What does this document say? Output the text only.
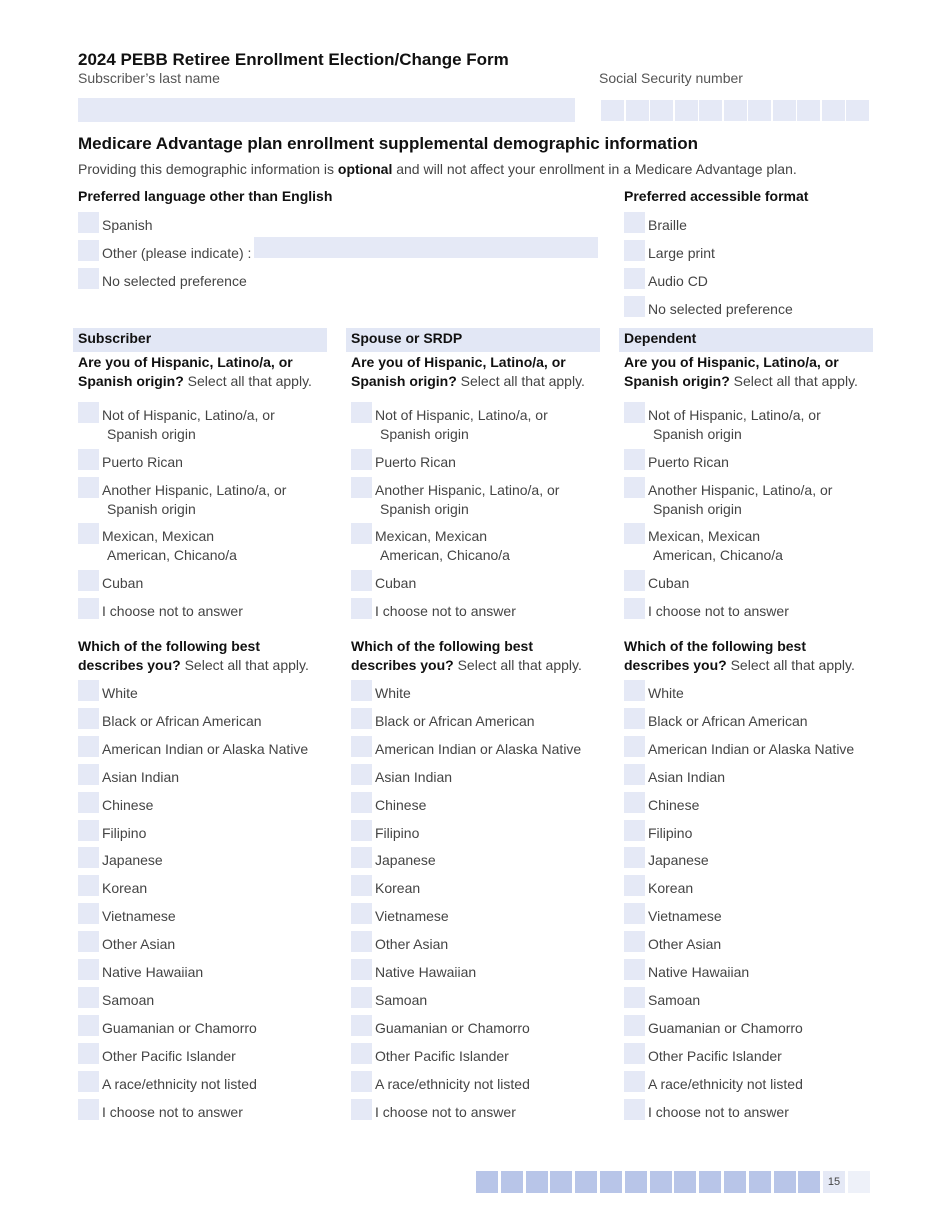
2024 PEBB Retiree Enrollment Election/Change Form
Subscriber’s last name	Social Security number
Medicare Advantage plan enrollment supplemental demographic information
Providing this demographic information is optional and will not affect your enrollment in a Medicare Advantage plan.
Preferred language other than English
Spanish
Other (please indicate) :
No selected preference
Preferred accessible format
Braille
Large print
Audio CD
No selected preference
Subscriber
Are you of Hispanic, Latino/a, or Spanish origin? Select all that apply.
Not of Hispanic, Latino/a, or
Spanish origin
Puerto Rican
Another Hispanic, Latino/a, or
Spanish origin
Mexican, Mexican
American, Chicano/a
Cuban
I choose not to answer
Which of the following best describes you? Select all that apply.
White
Black or African American
American Indian or Alaska Native
Asian Indian
Chinese
Filipino
Japanese
Korean
Vietnamese
Other Asian
Native Hawaiian
Samoan
Guamanian or Chamorro
Other Pacific Islander
A race/ethnicity not listed
I choose not to answer
Spouse or SRDP
Are you of Hispanic, Latino/a, or Spanish origin? Select all that apply.
Not of Hispanic, Latino/a, or
Spanish origin
Puerto Rican
Another Hispanic, Latino/a, or
Spanish origin
Mexican, Mexican
American, Chicano/a
Cuban
I choose not to answer
Which of the following best describes you? Select all that apply.
White
Black or African American
American Indian or Alaska Native
Asian Indian
Chinese
Filipino
Japanese
Korean
Vietnamese
Other Asian
Native Hawaiian
Samoan
Guamanian or Chamorro
Other Pacific Islander
A race/ethnicity not listed
I choose not to answer
Dependent
Are you of Hispanic, Latino/a, or Spanish origin? Select all that apply.
Not of Hispanic, Latino/a, or
Spanish origin
Puerto Rican
Another Hispanic, Latino/a, or
Spanish origin
Mexican, Mexican
American, Chicano/a
Cuban
I choose not to answer
Which of the following best describes you? Select all that apply.
White
Black or African American
American Indian or Alaska Native
Asian Indian
Chinese
Filipino
Japanese
Korean
Vietnamese
Other Asian
Native Hawaiian
Samoan
Guamanian or Chamorro
Other Pacific Islander
A race/ethnicity not listed
I choose not to answer
15
